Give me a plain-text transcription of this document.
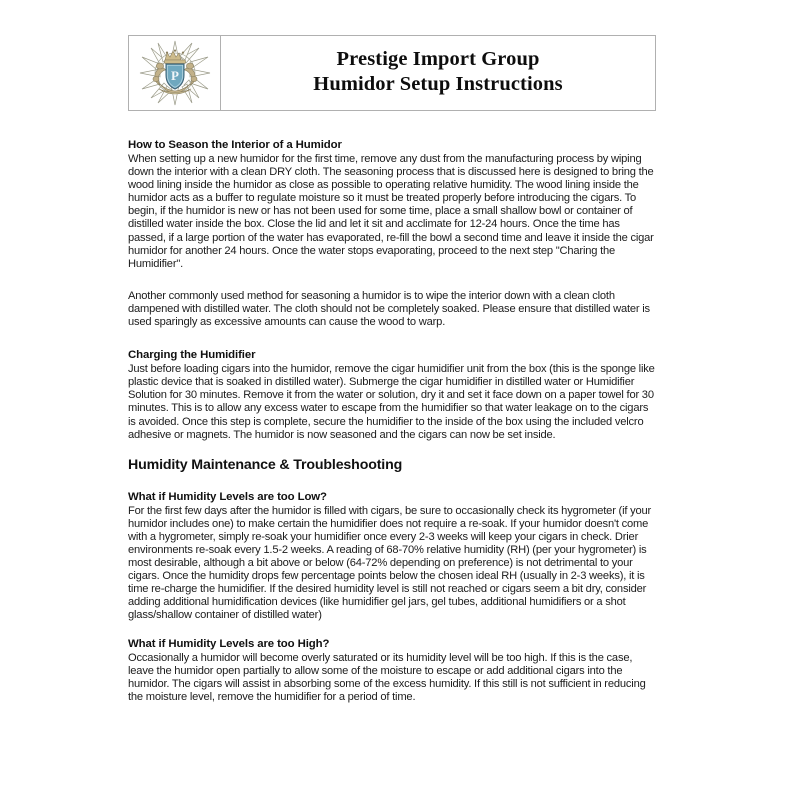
P
Prestige Import Group
Humidor Setup Instructions
How to Season the Interior of a Humidor

When setting up a new humidor for the first time, remove any dust from the manufacturing process by wiping down the interior with a clean DRY cloth. The seasoning process that is discussed here is designed to bring the wood lining inside the humidor as close as possible to operating relative humidity. The wood lining inside the humidor acts as a buffer to regulate moisture so it must be treated properly before introducing the cigars. To begin, if the humidor is new or has not been used for some time, place a small shallow bowl or container of distilled water inside the box. Close the lid and let it sit and acclimate for 12-24 hours. Once the time has passed, if a large portion of the water has evaporated, re-fill the bowl a second time and leave it inside the cigar humidor for another 24 hours. Once the water stops evaporating, proceed to the next step "Charing the Humidifier".

Another commonly used method for seasoning a humidor is to wipe the interior down with a clean cloth dampened with distilled water. The cloth should not be completely soaked. Please ensure that distilled water is used sparingly as excessive amounts can cause the wood to warp.

Charging the Humidifier

Just before loading cigars into the humidor, remove the cigar humidifier unit from the box (this is the sponge like plastic device that is soaked in distilled water). Submerge the cigar humidifier in distilled water or Humidifier Solution for 30 minutes. Remove it from the water or solution, dry it and set it face down on a paper towel for 30 minutes. This is to allow any excess water to escape from the humidifier so that water leakage on to the cigars is avoided. Once this step is complete, secure the humidifier to the inside of the box using the included velcro adhesive or magnets. The humidor is now seasoned and the cigars can now be set inside.

Humidity Maintenance & Troubleshooting
What if Humidity Levels are too Low?

For the first few days after the humidor is filled with cigars, be sure to occasionally check its hygrometer (if your humidor includes one) to make certain the humidifier does not require a re-soak. If your humidor doesn't come with a hygrometer, simply re-soak your humidifier once every 2-3 weeks will keep your cigars in check. Drier environments re-soak every 1.5-2 weeks. A reading of 68-70% relative humidity (RH) (per your hygrometer) is most desirable, although a bit above or below (64-72% depending on preference) is not detrimental to your cigars. Once the humidity drops few percentage points below the chosen ideal RH (usually in 2-3 weeks), it is time re-charge the humidifier. If the desired humidity level is still not reached or cigars seem a bit dry, consider adding additional humidification devices (like humidifier gel jars, gel tubes, additional humidifiers or a shot glass/shallow container of distilled water)

What if Humidity Levels are too High?

Occasionally a humidor will become overly saturated or its humidity level will be too high. If this is the case, leave the humidor open partially to allow some of the moisture to escape or add additional cigars into the humidor. The cigars will assist in absorbing some of the excess humidity. If this still is not sufficient in reducing the moisture level, remove the humidifier for a period of time.
